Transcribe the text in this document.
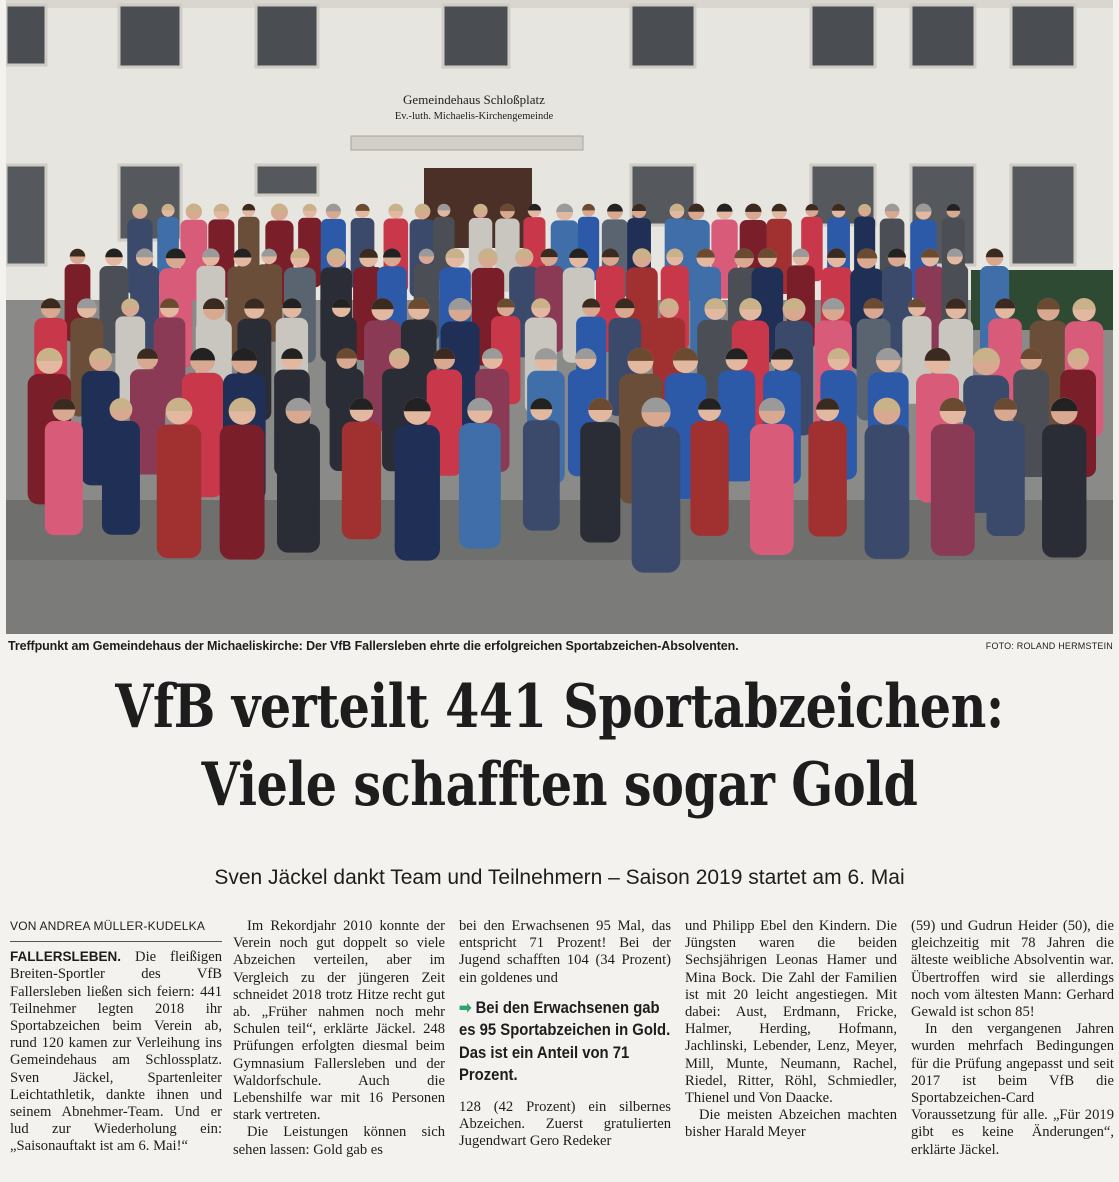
Gemeindehaus Schloßplatz
Ev.-luth. Michaelis-Kirchengemeinde
Treffpunkt am Gemeindehaus der Michaeliskirche: Der VfB Fallersleben ehrte die erfolgreichen Sportabzeichen-Absolventen.	FOTO: ROLAND HERMSTEIN
VfB verteilt 441 Sportabzeichen:
Viele schafften sogar Gold
Sven Jäckel dankt Team und Teilnehmern – Saison 2019 startet am 6. Mai
VON ANDREA MÜLLER-KUDELKA

FALLERSLEBEN. Die fleißigen Breiten-Sportler des VfB Fallersleben ließen sich feiern: 441 Teilnehmer legten 2018 ihr Sportabzeichen beim Verein ab, rund 120 kamen zur Verleihung ins Gemeindehaus am Schlossplatz. Sven Jäckel, Spartenleiter Leichtathletik, dankte ihnen und seinem Abnehmer-Team. Und er lud zur Wiederholung ein: „Saisonauftakt ist am 6. Mai!“

Im Rekordjahr 2010 konnte der Verein noch gut doppelt so viele Abzeichen verteilen, aber im Vergleich zu der jüngeren Zeit schneidet 2018 trotz Hitze recht gut ab. „Früher nahmen noch mehr Schulen teil“, erklärte Jäckel. 248 Prüfungen erfolgten diesmal beim Gymnasium Fallersleben und der Waldorfschule. Auch die Lebenshilfe war mit 16 Personen stark vertreten.

Die Leistungen können sich sehen lassen: Gold gab es

bei den Erwachsenen 95 Mal, das entspricht 71 Prozent! Bei der Jugend schafften 104 (34 Prozent) ein goldenes und

➡ Bei den Erwachsenen gab es 95 Sportabzeichen in Gold. Das ist ein Anteil von 71 Prozent.

128 (42 Prozent) ein silbernes Abzeichen. Zuerst gratulierten Jugendwart Gero Redeker

und Philipp Ebel den Kindern. Die Jüngsten waren die beiden Sechsjährigen Leonas Hamer und Mina Bock. Die Zahl der Familien ist mit 20 leicht angestiegen. Mit dabei: Aust, Erdmann, Fricke, Halmer, Herding, Hofmann, Jachlinski, Lebender, Lenz, Meyer, Mill, Munte, Neumann, Rachel, Riedel, Ritter, Röhl, Schmiedler, Thienel und Von Daacke.

Die meisten Abzeichen machten bisher Harald Meyer

(59) und Gudrun Heider (50), die gleichzeitig mit 78 Jahren die älteste weibliche Absolventin war. Übertroffen wird sie allerdings noch vom ältesten Mann: Gerhard Gewald ist schon 85!

In den vergangenen Jahren wurden mehrfach Bedingungen für die Prüfung angepasst und seit 2017 ist beim VfB die Sportabzeichen-Card Voraussetzung für alle. „Für 2019 gibt es keine Änderungen“, erklärte Jäckel.
